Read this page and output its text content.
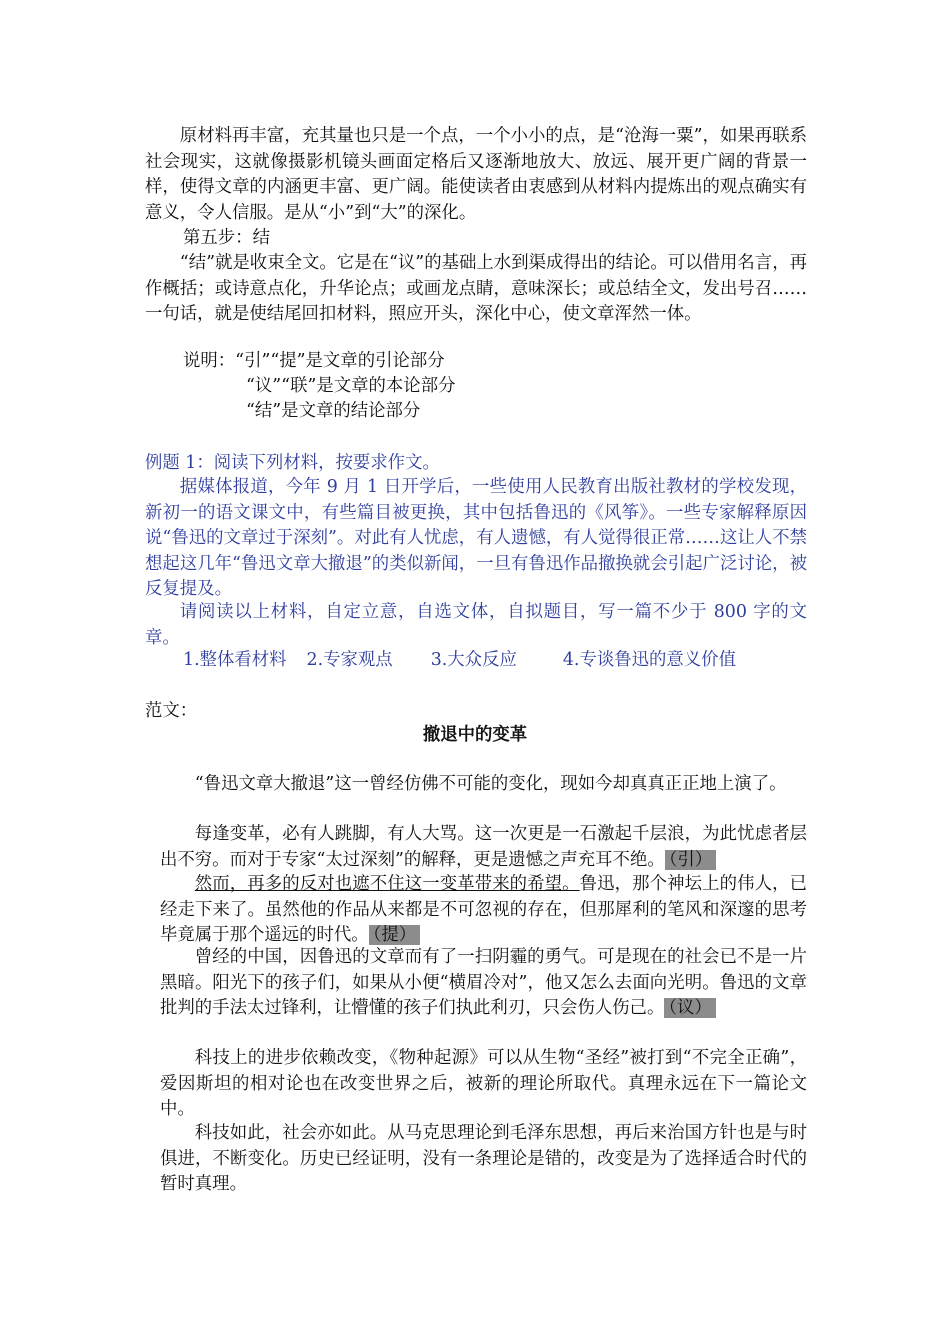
原材料再丰富，充其量也只是一个点，一个小小的点，是“沧海一粟”，如果再联系社会现实，这就像摄影机镜头画面定格后又逐渐地放大、放远、展开更广阔的背景一样，使得文章的内涵更丰富、更广阔。能使读者由衷感到从材料内提炼出的观点确实有意义，令人信服。是从“小”到“大”的深化。

第五步：结

“结”就是收束全文。它是在“议”的基础上水到渠成得出的结论。可以借用名言，再作概括；或诗意点化，升华论点；或画龙点睛，意味深长；或总结全文，发出号召……一句话，就是使结尾回扣材料，照应开头，深化中心，使文章浑然一体。

说明：“引”“提”是文章的引论部分

“议”“联”是文章的本论部分

“结”是文章的结论部分

例题 1：阅读下列材料，按要求作文。

据媒体报道，今年 9 月 1 日开学后，一些使用人民教育出版社教材的学校发现，新初一的语文课文中，有些篇目被更换，其中包括鲁迅的《风筝》。一些专家解释原因说“鲁迅的文章过于深刻”。对此有人忧虑，有人遗憾，有人觉得很正常……这让人不禁想起这几年“鲁迅文章大撤退”的类似新闻，一旦有鲁迅作品撤换就会引起广泛讨论，被反复提及。

请阅读以上材料，自定立意，自选文体，自拟题目，写一篇不少于 800 字的文章。

1.整体看材料 2.专家观点 3.大众反应	4.专谈鲁迅的意义价值

范文：

撤退中的变革

“鲁迅文章大撤退”这一曾经仿佛不可能的变化，现如今却真真正正地上演了。

每逢变革，必有人跳脚，有人大骂。这一次更是一石激起千层浪，为此忧虑者层出不穷。而对于专家“太过深刻”的解释，更是遗憾之声充耳不绝。 （引）

然而，再多的反对也遮不住这一变革带来的希望。鲁迅，那个神坛上的伟人，已经走下来了。虽然他的作品从来都是不可忽视的存在，但那犀利的笔风和深邃的思考毕竟属于那个遥远的时代。 （提）

曾经的中国，因鲁迅的文章而有了一扫阴霾的勇气。可是现在的社会已不是一片黑暗。阳光下的孩子们，如果从小便“横眉冷对”，他又怎么去面向光明。鲁迅的文章批判的手法太过锋利，让懵懂的孩子们执此利刃，只会伤人伤己。 （议）

科技上的进步依赖改变，《物种起源》可以从生物“圣经”被打到“不完全正确”，爱因斯坦的相对论也在改变世界之后，被新的理论所取代。真理永远在下一篇论文中。

科技如此，社会亦如此。从马克思理论到毛泽东思想，再后来治国方针也是与时俱进，不断变化。历史已经证明，没有一条理论是错的，改变是为了选择适合时代的暂时真理。
